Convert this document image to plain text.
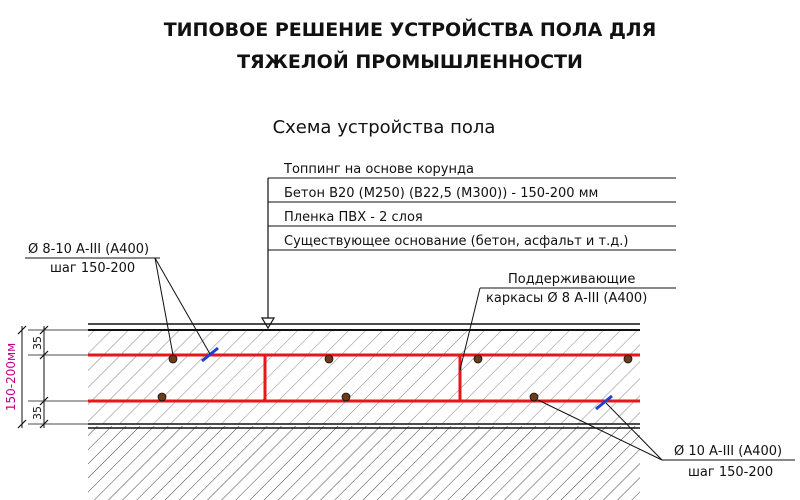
ТИПОВОЕ РЕШЕНИЕ УСТРОЙСТВА ПОЛА ДЛЯ
ТЯЖЕЛОЙ ПРОМЫШЛЕННОСТИ
Схема устройства пола
Топпинг на основе корунда
Бетон В20 (М250) (В22,5 (М300)) - 150-200 мм
Пленка ПВХ - 2 слоя
Существующее основание (бетон, асфальт и т.д.)
Ø 8-10 А-III (А400)
шаг 150-200
Поддерживающие
каркасы Ø 8 А-III (А400)
Ø 10 А-III (А400)
шаг 150-200
35
35
150-200мм
